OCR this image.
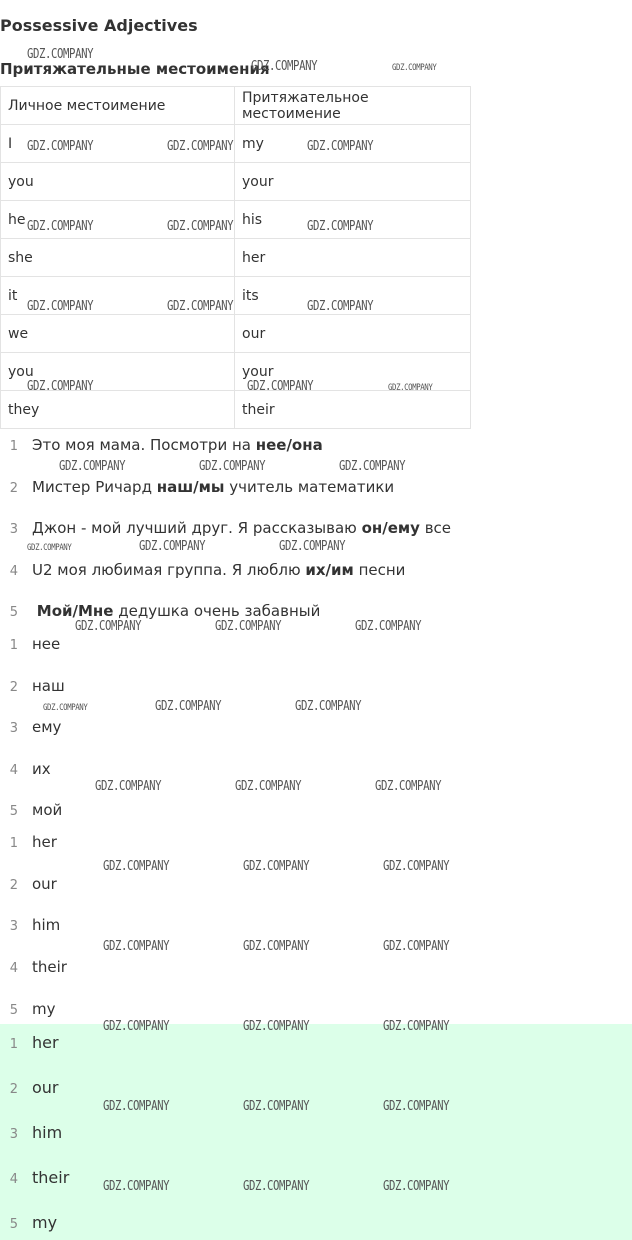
Possessive Adjectives
Притяжательные местоимения
Личное местоимение	Притяжательное местоимение
I	my
you	your
he	his
she	her
it	its
we	our
you	your
they	their
1 Это моя мама. Посмотри на нее/она
2 Мистер Ричард наш/мы учитель математики
3 Джон - мой лучший друг. Я рассказываю он/ему все
4 U2 моя любимая группа. Я люблю их/им песни
5 Мой/Мне дедушка очень забавный
1 нее
2 наш
3 ему
4 их
5 мой
1 her
2 our
3 him
4 their
5 my
1 her
2 our
3 him
4 their
5 my
GDZ.COMPANY
GDZ.COMPANY	GDZ.COMPANY
GDZ.COMPANY	GDZ.COMPANY	GDZ.COMPANY
GDZ.COMPANY	GDZ.COMPANY	GDZ.COMPANY
GDZ.COMPANY	GDZ.COMPANY	GDZ.COMPANY
GDZ.COMPANY	GDZ.COMPANY	GDZ.COMPANY
GDZ.COMPANY	GDZ.COMPANY	GDZ.COMPANY
GDZ.COMPANY	GDZ.COMPANY	GDZ.COMPANY
GDZ.COMPANY	GDZ.COMPANY	GDZ.COMPANY
GDZ.COMPANY	GDZ.COMPANY	GDZ.COMPANY
GDZ.COMPANY	GDZ.COMPANY	GDZ.COMPANY
GDZ.COMPANY	GDZ.COMPANY	GDZ.COMPANY
GDZ.COMPANY	GDZ.COMPANY	GDZ.COMPANY
GDZ.COMPANY	GDZ.COMPANY	GDZ.COMPANY
GDZ.COMPANY	GDZ.COMPANY	GDZ.COMPANY
GDZ.COMPANY	GDZ.COMPANY	GDZ.COMPANY
